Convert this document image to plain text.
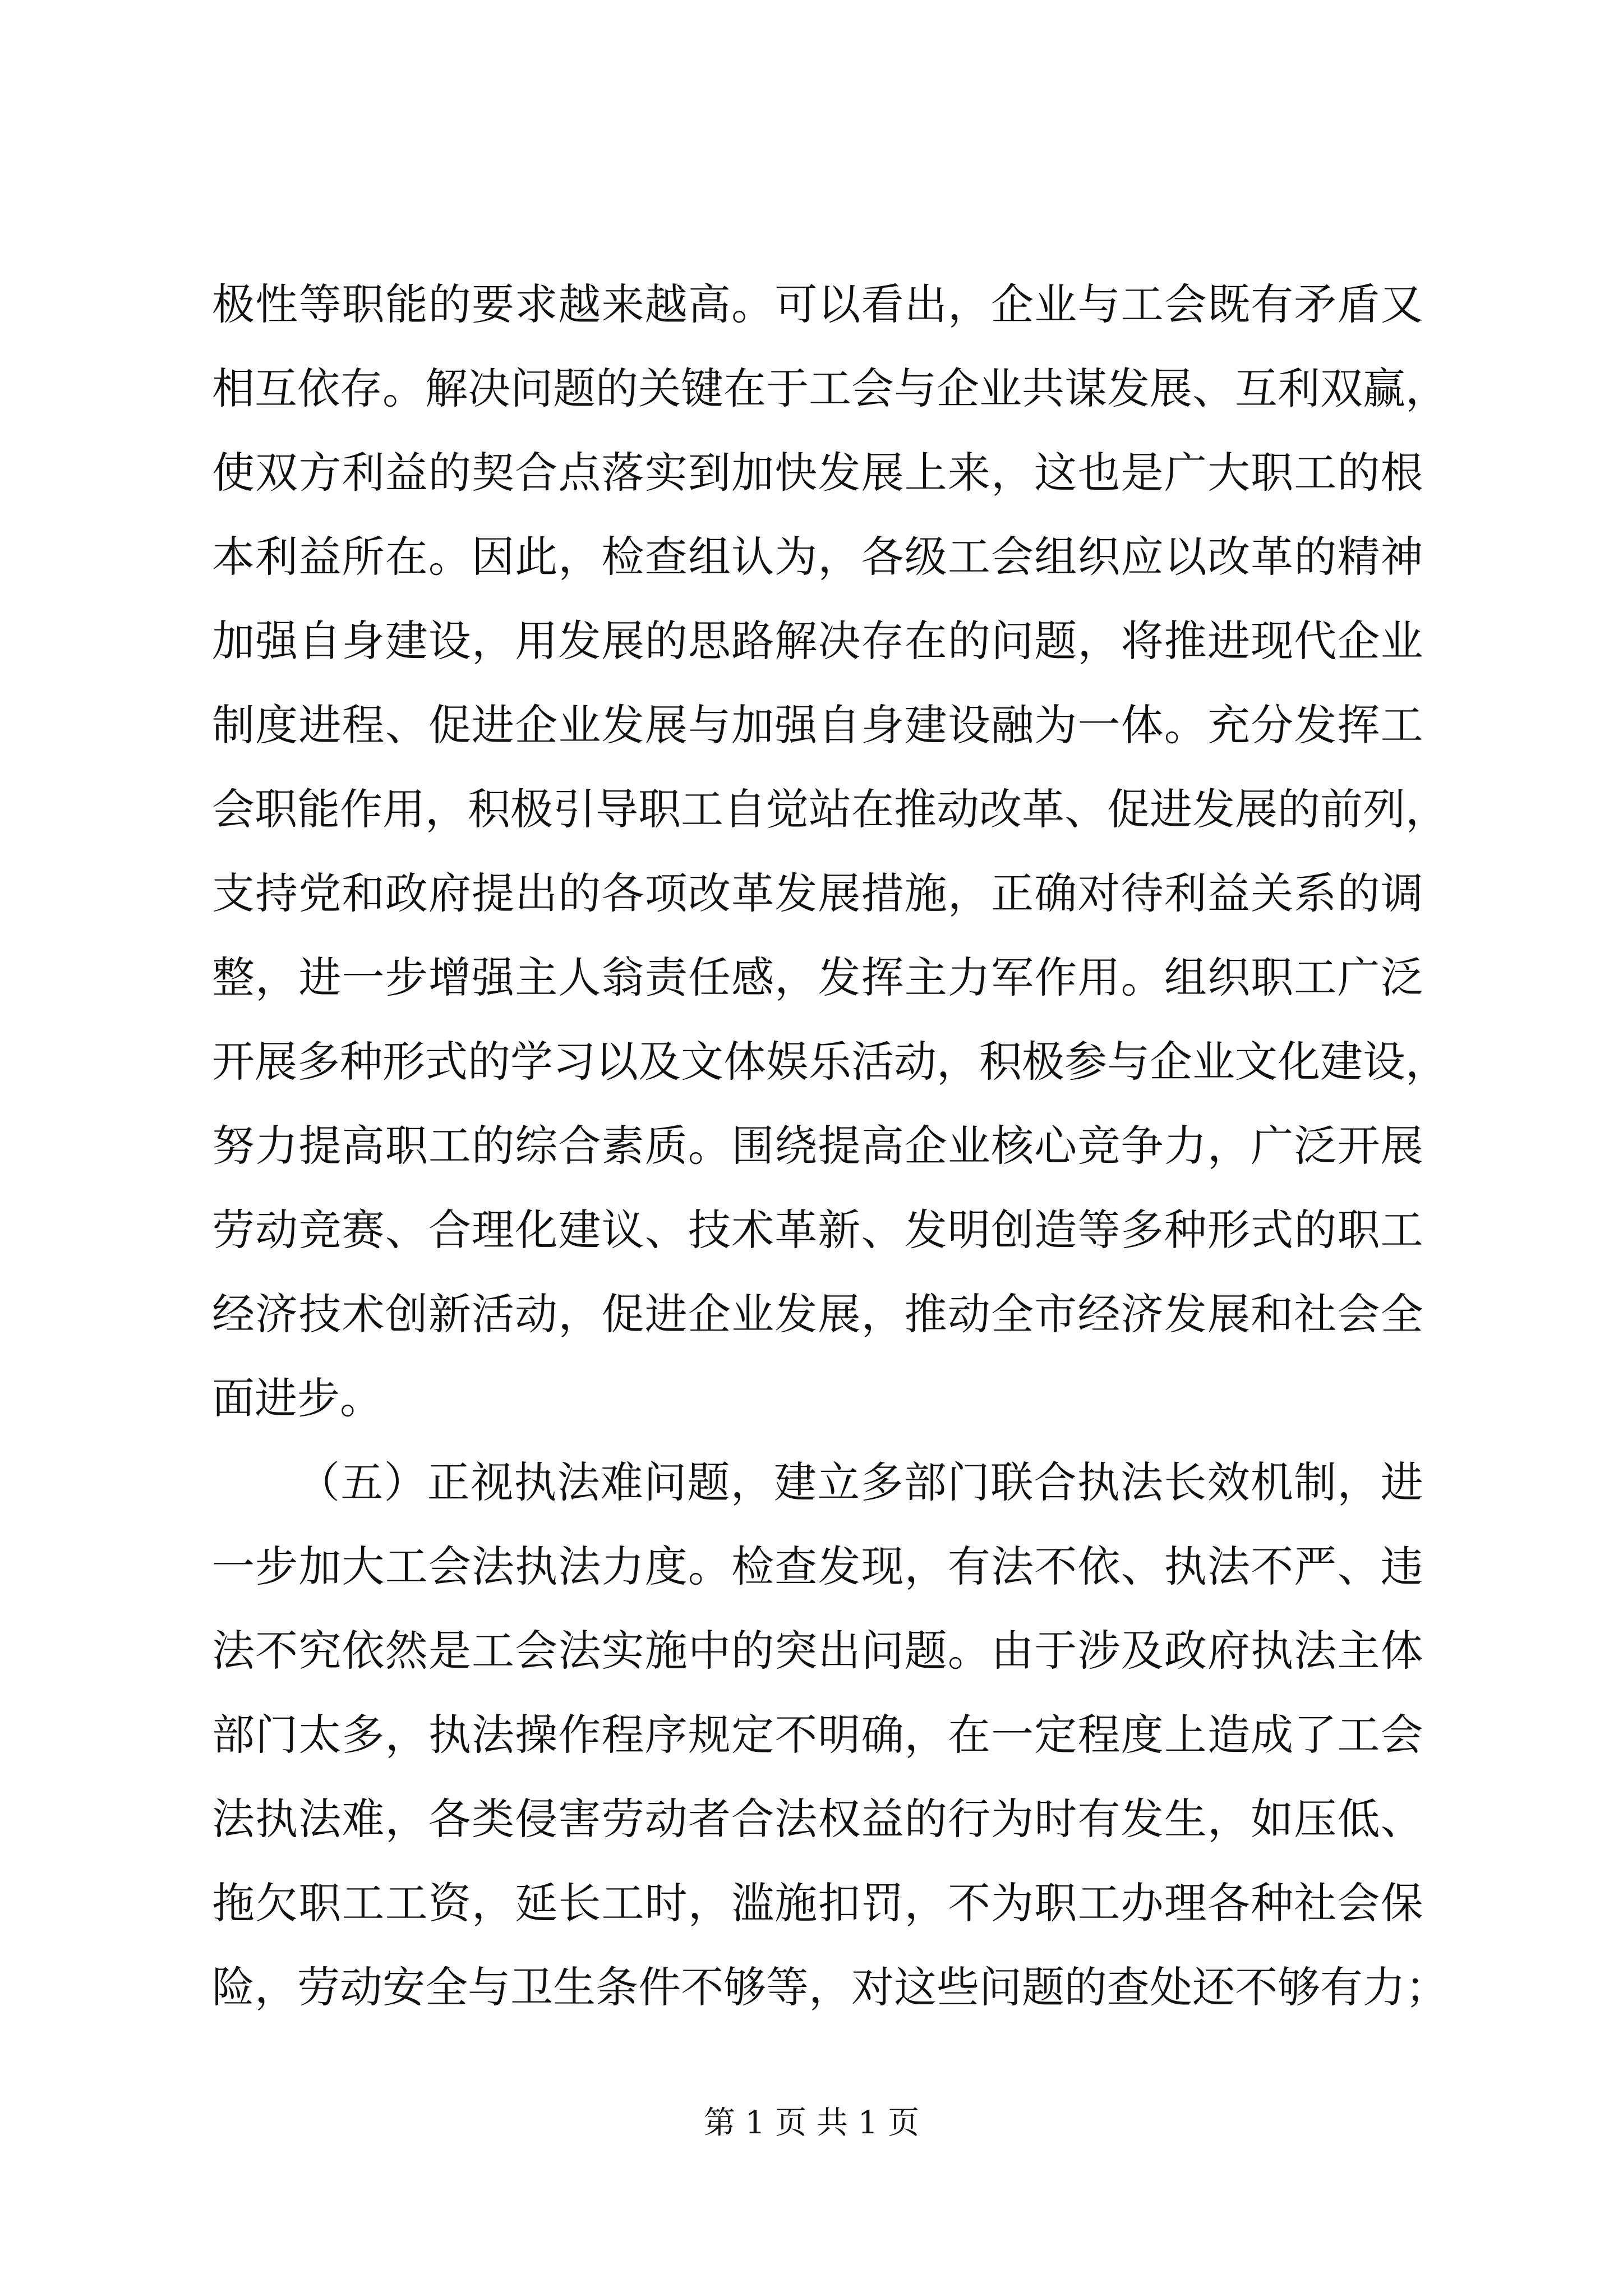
极 性 等 职 能 的 要 求 越 来 越 高 。 可 以 看 出 ， 企 业 与 工 会 既 有 矛 盾 又
相 互 依 存 。 解 决 问 题 的 关 键 在 于 工 会 与 企 业 共 谋 发 展 、 互 利 双 赢 ，
使 双 方 利 益 的 契 合 点 落 实 到 加 快 发 展 上 来 ， 这 也 是 广 大 职 工 的 根
本 利 益 所 在 。 因 此 ， 检 查 组 认 为 ， 各 级 工 会 组 织 应 以 改 革 的 精 神
加 强 自 身 建 设 ， 用 发 展 的 思 路 解 决 存 在 的 问 题 ， 将 推 进 现 代 企 业
制 度 进 程 、 促 进 企 业 发 展 与 加 强 自 身 建 设 融 为 一 体 。 充 分 发 挥 工
会 职 能 作 用 ， 积 极 引 导 职 工 自 觉 站 在 推 动 改 革 、 促 进 发 展 的 前 列 ，
支 持 党 和 政 府 提 出 的 各 项 改 革 发 展 措 施 ， 正 确 对 待 利 益 关 系 的 调
整 ， 进 一 步 增 强 主 人 翁 责 任 感 ， 发 挥 主 力 军 作 用 。 组 织 职 工 广 泛
开 展 多 种 形 式 的 学 习 以 及 文 体 娱 乐 活 动 ， 积 极 参 与 企 业 文 化 建 设 ，
努 力 提 高 职 工 的 综 合 素 质 。 围 绕 提 高 企 业 核 心 竞 争 力 ， 广 泛 开 展
劳 动 竞 赛 、 合 理 化 建 议 、 技 术 革 新 、 发 明 创 造 等 多 种 形 式 的 职 工
经 济 技 术 创 新 活 动 ， 促 进 企 业 发 展 ， 推 动 全 市 经 济 发 展 和 社 会 全
面进步。
（ 五 ） 正 视 执 法 难 问 题 ， 建 立 多 部 门 联 合 执 法 长 效 机 制 ， 进
一 步 加 大 工 会 法 执 法 力 度 。 检 查 发 现 ， 有 法 不 依 、 执 法 不 严 、 违
法 不 究 依 然 是 工 会 法 实 施 中 的 突 出 问 题 。 由 于 涉 及 政 府 执 法 主 体
部 门 太 多 ， 执 法 操 作 程 序 规 定 不 明 确 ， 在 一 定 程 度 上 造 成 了 工 会
法 执 法 难 ， 各 类 侵 害 劳 动 者 合 法 权 益 的 行 为 时 有 发 生 ， 如 压 低 、
拖 欠 职 工 工 资 ， 延 长 工 时 ， 滥 施 扣 罚 ， 不 为 职 工 办 理 各 种 社 会 保
险 ， 劳 动 安 全 与 卫 生 条 件 不 够 等 ， 对 这 些 问 题 的 查 处 还 不 够 有 力 ；
第 1 页 共 1 页
